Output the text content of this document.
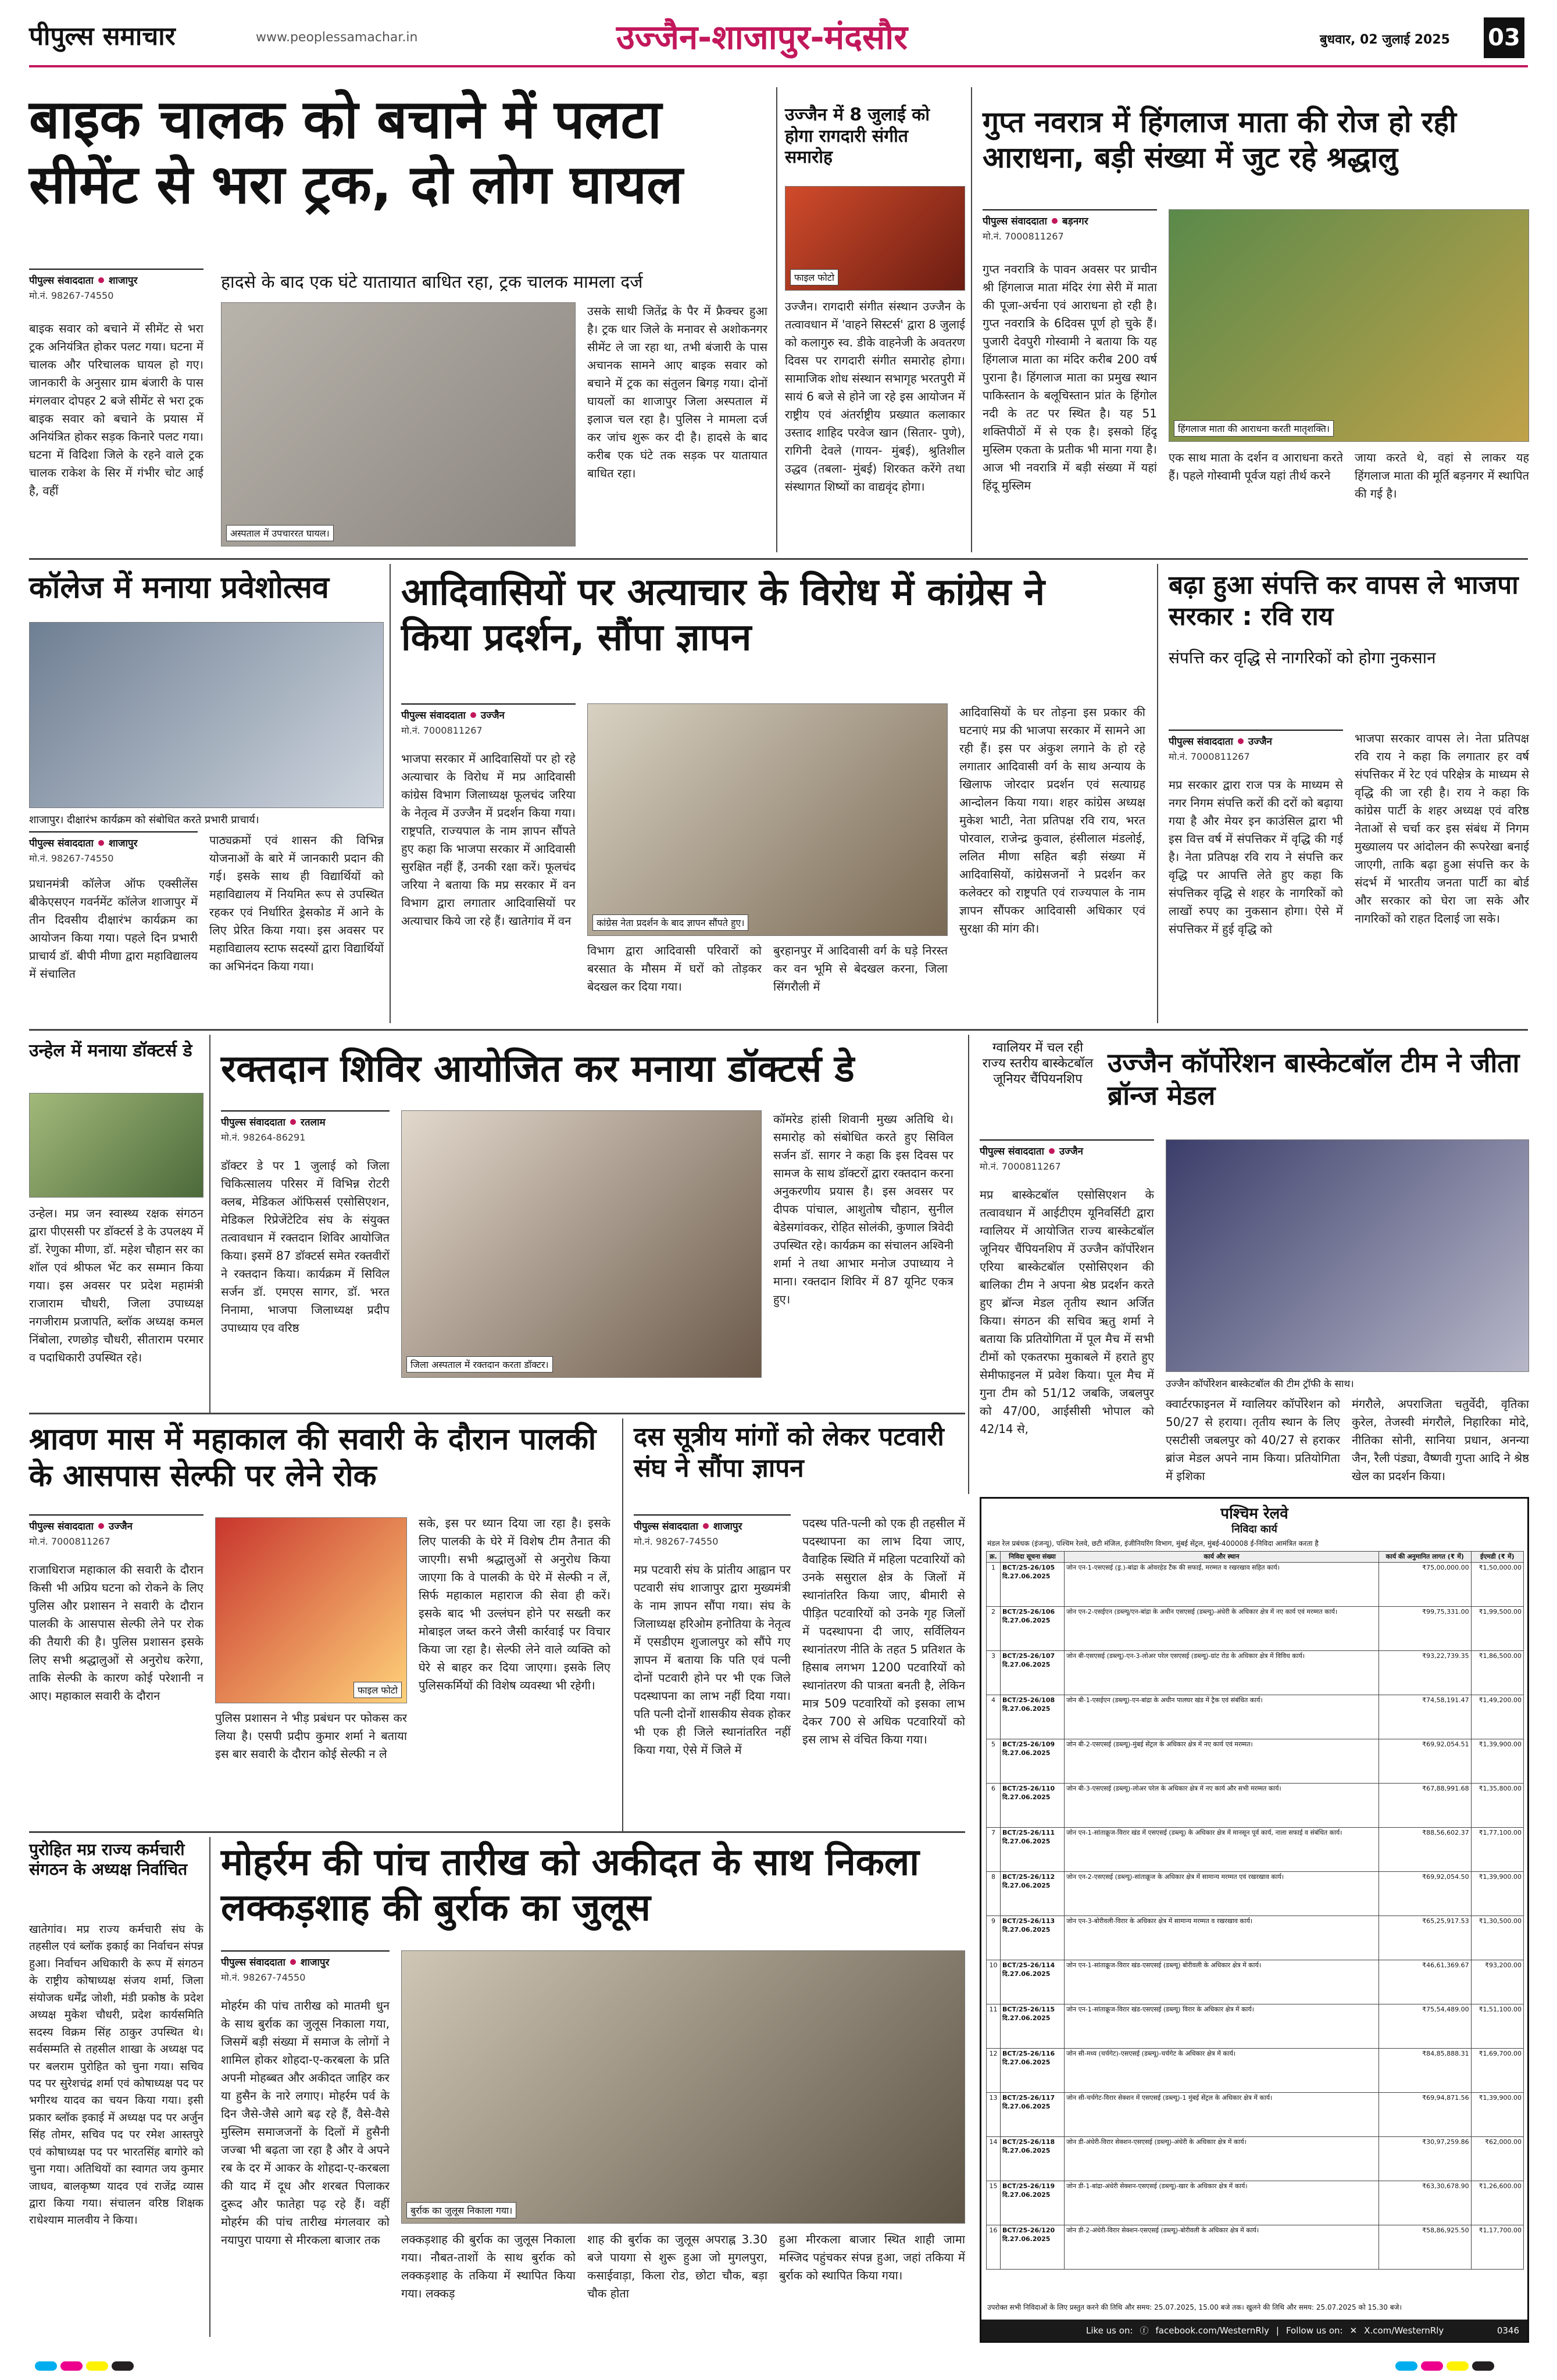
पीपुल्स समाचार	www.peoplessamachar.in	उज्जैन-शाजापुर-मंदसौर	बुधवार, 02 जुलाई 2025 03
बाइक चालक को बचाने में पलटा सीमेंट से भरा ट्रक, दो लोग घायल
पीपुल्स संवाददाता शाजापुर
मो.नं. 98267-74550
हादसे के बाद एक घंटे यातायात बाधित रहा, ट्रक चालक मामला दर्ज
बाइक सवार को बचाने में सीमेंट से भरा ट्रक अनियंत्रित होकर पलट गया। घटना में चालक और परिचालक घायल हो गए। जानकारी के अनुसार ग्राम बंजारी के पास मंगलवार दोपहर 2 बजे सीमेंट से भरा ट्रक बाइक सवार को बचाने के प्रयास में अनियंत्रित होकर सड़क किनारे पलट गया। घटना में विदिशा जिले के रहने वाले ट्रक चालक राकेश के सिर में गंभीर चोट आई है, वहीं
अस्पताल में उपचाररत घायल।
उसके साथी जितेंद्र के पैर में फ्रैक्चर हुआ है। ट्रक धार जिले के मनावर से अशोकनगर सीमेंट ले जा रहा था, तभी बंजारी के पास अचानक सामने आए बाइक सवार को बचाने में ट्रक का संतुलन बिगड़ गया। दोनों घायलों का शाजापुर जिला अस्पताल में इलाज चल रहा है। पुलिस ने मामला दर्ज कर जांच शुरू कर दी है। हादसे के बाद करीब एक घंटे तक सड़क पर यातायात बाधित रहा।
उज्जैन में 8 जुलाई को होगा रागदारी संगीत समारोह
फाइल फोटो
उज्जैन। रागदारी संगीत संस्थान उज्जैन के तत्वावधान में 'वाहने सिस्टर्स' द्वारा 8 जुलाई को कलागुरु स्व. डीके वाहनेजी के अवतरण दिवस पर रागदारी संगीत समारोह होगा। सामाजिक शोध संस्थान सभागृह भरतपुरी में सायं 6 बजे से होने जा रहे इस आयोजन में राष्ट्रीय एवं अंतर्राष्ट्रीय प्रख्यात कलाकार उस्ताद शाहिद परवेज खान (सितार- पुणे), रागिनी देवले (गायन- मुंबई), श्रुतिशील उद्धव (तबला- मुंबई) शिरकत करेंगे तथा संस्थागत शिष्यों का वाद्यवृंद होगा।
गुप्त नवरात्र में हिंगलाज माता की रोज हो रही आराधना, बड़ी संख्या में जुट रहे श्रद्धालु
पीपुल्स संवाददाता बड़नगर
मो.नं. 7000811267
गुप्त नवरात्रि के पावन अवसर पर प्राचीन श्री हिंगलाज माता मंदिर रंगा सेरी में माता की पूजा-अर्चना एवं आराधना हो रही है। गुप्त नवरात्रि के 6दिवस पूर्ण हो चुके हैं। पुजारी देवपुरी गोस्वामी ने बताया कि यह हिंगलाज माता का मंदिर करीब 200 वर्ष पुराना है। हिंगलाज माता का प्रमुख स्थान पाकिस्तान के बलूचिस्तान प्रांत के हिंगोल नदी के तट पर स्थित है। यह 51 शक्तिपीठों में से एक है। इसको हिंदू मुस्लिम एकता के प्रतीक भी माना गया है। आज भी नवरात्रि में बड़ी संख्या में यहां हिंदू मुस्लिम
हिंगलाज माता की आराधना करती मातृशक्ति।
एक साथ माता के दर्शन व आराधना करते हैं। पहले गोस्वामी पूर्वज यहां तीर्थ करने
जाया करते थे, वहां से लाकर यह हिंगलाज माता की मूर्ति बड़नगर में स्थापित की गई है।
कॉलेज में मनाया प्रवेशोत्सव
शाजापुर। दीक्षारंभ कार्यक्रम को संबोधित करते प्रभारी प्राचार्य।
पीपुल्स संवाददाता शाजापुर
मो.नं. 98267-74550
प्रधानमंत्री कॉलेज ऑफ एक्सीलेंस बीकेएसएन गवर्नमेंट कॉलेज शाजापुर में तीन दिवसीय दीक्षारंभ कार्यक्रम का आयोजन किया गया। पहले दिन प्रभारी प्राचार्य डॉ. बीपी मीणा द्वारा महाविद्यालय में संचालित
पाठ्यक्रमों एवं शासन की विभिन्न योजनाओं के बारे में जानकारी प्रदान की गई। इसके साथ ही विद्यार्थियों को महाविद्यालय में नियमित रूप से उपस्थित रहकर एवं निर्धारित ड्रेसकोड में आने के लिए प्रेरित किया गया। इस अवसर पर महाविद्यालय स्टाफ सदस्यों द्वारा विद्यार्थियों का अभिनंदन किया गया।
आदिवासियों पर अत्याचार के विरोध में कांग्रेस ने किया प्रदर्शन, सौंपा ज्ञापन
पीपुल्स संवाददाता उज्जैन
मो.नं. 7000811267
भाजपा सरकार में आदिवासियों पर हो रहे अत्याचार के विरोध में मप्र आदिवासी कांग्रेस विभाग जिलाध्यक्ष फूलचंद जरिया के नेतृत्व में उज्जैन में प्रदर्शन किया गया। राष्ट्रपति, राज्यपाल के नाम ज्ञापन सौंपते हुए कहा कि भाजपा सरकार में आदिवासी सुरक्षित नहीं हैं, उनकी रक्षा करें। फूलचंद जरिया ने बताया कि मप्र सरकार में वन विभाग द्वारा लगातार आदिवासियों पर अत्याचार किये जा रहे हैं। खातेगांव में वन	कांग्रेस नेता प्रदर्शन के बाद ज्ञापन सौंपते हुए।
विभाग द्वारा आदिवासी परिवारों को बरसात के मौसम में घरों को तोड़कर बेदखल कर दिया गया।
बुरहानपुर में आदिवासी वर्ग के घड़े निरस्त कर वन भूमि से बेदखल करना, जिला सिंगरौली में
आदिवासियों के घर तोड़ना इस प्रकार की घटनाएं मप्र की भाजपा सरकार में सामने आ रही हैं। इस पर अंकुश लगाने के हो रहे लगातार आदिवासी वर्ग के साथ अन्याय के खिलाफ जोरदार प्रदर्शन एवं सत्याग्रह आन्दोलन किया गया। शहर कांग्रेस अध्यक्ष मुकेश भाटी, नेता प्रतिपक्ष रवि राय, भरत पोरवाल, राजेन्द्र कुवाल, हंसीलाल मंडलोई, ललित मीणा सहित बड़ी संख्या में आदिवासियों, कांग्रेसजनों ने प्रदर्शन कर कलेक्टर को राष्ट्रपति एवं राज्यपाल के नाम ज्ञापन सौंपकर आदिवासी अधिकार एवं सुरक्षा की मांग की।
बढ़ा हुआ संपत्ति कर वापस ले भाजपा सरकार : रवि राय
संपत्ति कर वृद्धि से नागरिकों को होगा नुकसान
पीपुल्स संवाददाता उज्जैन
मो.नं. 7000811267
मप्र सरकार द्वारा राज पत्र के माध्यम से नगर निगम संपत्ति करों की दरों को बढ़ाया गया है और मेयर इन काउंसिल द्वारा भी इस वित्त वर्ष में संपत्तिकर में वृद्धि की गई है। नेता प्रतिपक्ष रवि राय ने संपत्ति कर वृद्धि पर आपत्ति लेते हुए कहा कि संपत्तिकर वृद्धि से शहर के नागरिकों को लाखों रुपए का नुकसान होगा। ऐसे में संपत्तिकर में हुई वृद्धि को
भाजपा सरकार वापस ले। नेता प्रतिपक्ष रवि राय ने कहा कि लगातार हर वर्ष संपत्तिकर में रेट एवं परिक्षेत्र के माध्यम से वृद्धि की जा रही है। राय ने कहा कि कांग्रेस पार्टी के शहर अध्यक्ष एवं वरिष्ठ नेताओं से चर्चा कर इस संबंध में निगम मुख्यालय पर आंदोलन की रूपरेखा बनाई जाएगी, ताकि बढ़ा हुआ संपत्ति कर के संदर्भ में भारतीय जनता पार्टी का बोर्ड और सरकार को घेरा जा सके और नागरिकों को राहत दिलाई जा सके।
उन्हेल में मनाया डॉक्टर्स डे
उन्हेल। मप्र जन स्वास्थ्य रक्षक संगठन द्वारा पीएससी पर डॉक्टर्स डे के उपलक्ष्य में डॉ. रेणुका मीणा, डॉ. महेश चौहान सर का शॉल एवं श्रीफल भेंट कर सम्मान किया गया। इस अवसर पर प्रदेश महामंत्री राजाराम चौधरी, जिला उपाध्यक्ष नगजीराम प्रजापति, ब्लॉक अध्यक्ष कमल निंबोला, रणछोड़ चौधरी, सीताराम परमार व पदाधिकारी उपस्थित रहे।
रक्तदान शिविर आयोजित कर मनाया डॉक्टर्स डे
पीपुल्स संवाददाता रतलाम
मो.नं. 98264-86291
डॉक्टर डे पर 1 जुलाई को जिला चिकित्सालय परिसर में विभिन्न रोटरी क्लब, मेडिकल ऑफिसर्स एसोसिएशन, मेडिकल रिप्रेजेंटेटिव संघ के संयुक्त तत्वावधान में रक्तदान शिविर आयोजित किया। इसमें 87 डॉक्टर्स समेत रक्तवीरों ने रक्तदान किया। कार्यक्रम में सिविल सर्जन डॉ. एमएस सागर, डॉ. भरत निनामा, भाजपा जिलाध्यक्ष प्रदीप उपाध्याय एव वरिष्ठ
जिला अस्पताल में रक्तदान करता डॉक्टर।
कॉमरेड हांसी शिवानी मुख्य अतिथि थे। समारोह को संबोधित करते हुए सिविल सर्जन डॉ. सागर ने कहा कि इस दिवस पर सामज के साथ डॉक्टरों द्वारा रक्तदान करना अनुकरणीय प्रयास है। इस अवसर पर दीपक पांचाल, आशुतोष चौहान, सुनील बेडेसगांवकर, रोहित सोलंकी, कुणाल त्रिवेदी उपस्थित रहे। कार्यक्रम का संचालन अश्विनी शर्मा ने तथा आभार मनोज उपाध्याय ने माना। रक्तदान शिविर में 87 यूनिट एकत्र हुए।
ग्वालियर में चल रही राज्य स्तरीय बास्केटबॉल जूनियर चैंपियनशिप
उज्जैन कॉर्पोरेशन बास्केटबॉल टीम ने जीता ब्रॉन्ज मेडल
पीपुल्स संवाददाता उज्जैन
मो.नं. 7000811267
मप्र बास्केटबॉल एसोसिएशन के तत्वावधान में आईटीएम यूनिवर्सिटी द्वारा ग्वालियर में आयोजित राज्य बास्केटबॉल जूनियर चैंपियनशिप में उज्जैन कॉर्पोरेशन एरिया बास्केटबॉल एसोसिएशन की बालिका टीम ने अपना श्रेष्ठ प्रदर्शन करते हुए ब्रॉन्ज मेडल तृतीय स्थान अर्जित किया। संगठन की सचिव ऋतु शर्मा ने बताया कि प्रतियोगिता में पूल मैच में सभी टीमों को एकतरफा मुकाबले में हराते हुए सेमीफाइनल में प्रवेश किया। पूल मैच में गुना टीम को 51/12 जबकि, जबलपुर को 47/00, आईसीसी भोपाल को 42/14 से,
उज्जैन कॉर्पोरेशन बास्केटबॉल की टीम ट्रॉफी के साथ।
क्वार्टरफाइनल में ग्वालियर कॉर्पोरेशन को 50/27 से हराया। तृतीय स्थान के लिए एसटीसी जबलपुर को 40/27 से हराकर ब्रांज मेडल अपने नाम किया। प्रतियोगिता में इशिका
मंगरौले, अपराजिता चतुर्वेदी, वृतिका कुरेल, तेजस्वी मंगरौले, निहारिका मोदे, नीतिका सोनी, सानिया प्रधान, अनन्या जैन, रैली पंड्या, वैष्णवी गुप्ता आदि ने श्रेष्ठ खेल का प्रदर्शन किया।
श्रावण मास में महाकाल की सवारी के दौरान पालकी के आसपास सेल्फी पर लेने रोक
पीपुल्स संवाददाता उज्जैन
मो.नं. 7000811267
राजाधिराज महाकाल की सवारी के दौरान किसी भी अप्रिय घटना को रोकने के लिए पुलिस और प्रशासन ने सवारी के दौरान पालकी के आसपास सेल्फी लेने पर रोक की तैयारी की है। पुलिस प्रशासन इसके लिए सभी श्रद्धालुओं से अनुरोध करेगा, ताकि सेल्फी के कारण कोई परेशानी न आए। महाकाल सवारी के दौरान	फाइल फोटो
पुलिस प्रशासन ने भीड़ प्रबंधन पर फोकस कर लिया है। एसपी प्रदीप कुमार शर्मा ने बताया इस बार सवारी के दौरान कोई सेल्फी न ले
सके, इस पर ध्यान दिया जा रहा है। इसके लिए पालकी के घेरे में विशेष टीम तैनात की जाएगी। सभी श्रद्धालुओं से अनुरोध किया जाएगा कि वे पालकी के घेरे में सेल्फी न लें, सिर्फ महाकाल महाराज की सेवा ही करें। इसके बाद भी उल्लंघन होने पर सख्ती कर मोबाइल जब्त करने जैसी कार्रवाई पर विचार किया जा रहा है। सेल्फी लेने वाले व्यक्ति को घेरे से बाहर कर दिया जाएगा। इसके लिए पुलिसकर्मियों की विशेष व्यवस्था भी रहेगी।
दस सूत्रीय मांगों को लेकर पटवारी संघ ने सौंपा ज्ञापन
पीपुल्स संवाददाता शाजापुर
मो.नं. 98267-74550
मप्र पटवारी संघ के प्रांतीय आह्वान पर पटवारी संघ शाजापुर द्वारा मुख्यमंत्री के नाम ज्ञापन सौंपा गया। संघ के जिलाध्यक्ष हरिओम हनोतिया के नेतृत्व में एसडीएम शुजालपुर को सौंपे गए ज्ञापन में बताया कि पति एवं पत्नी दोनों पटवारी होने पर भी एक जिले पदस्थापना का लाभ नहीं दिया गया। पति पत्नी दोनों शासकीय सेवक होकर भी एक ही जिले स्थानांतरित नहीं किया गया, ऐसे में जिले में
पदस्थ पति-पत्नी को एक ही तहसील में पदस्थापना का लाभ दिया जाए, वैवाहिक स्थिति में महिला पटवारियों को उनके ससुराल क्षेत्र के जिलों में स्थानांतरित किया जाए, बीमारी से पीड़ित पटवारियों को उनके गृह जिलों में पदस्थापना दी जाए, सर्विलियन स्थानांतरण नीति के तहत 5 प्रतिशत के हिसाब लगभग 1200 पटवारियों को स्थानांतरण की पात्रता बनती है, लेकिन मात्र 509 पटवारियों को इसका लाभ देकर 700 से अधिक पटवारियों को इस लाभ से वंचित किया गया।
पुरोहित मप्र राज्य कर्मचारी संगठन के अध्यक्ष निर्वाचित
खातेगांव। मप्र राज्य कर्मचारी संघ के तहसील एवं ब्लॉक इकाई का निर्वाचन संपन्न हुआ। निर्वाचन अधिकारी के रूप में संगठन के राष्ट्रीय कोषाध्यक्ष संजय शर्मा, जिला संयोजक धर्मेंद्र जोशी, मंडी प्रकोष्ठ के प्रदेश अध्यक्ष मुकेश चौधरी, प्रदेश कार्यसमिति सदस्य विक्रम सिंह ठाकुर उपस्थित थे। सर्वसम्मति से तहसील शाखा के अध्यक्ष पद पर बलराम पुरोहित को चुना गया। सचिव पद पर सुरेशचंद्र शर्मा एवं कोषाध्यक्ष पद पर भगीरथ यादव का चयन किया गया। इसी प्रकार ब्लॉक इकाई में अध्यक्ष पद पर अर्जुन सिंह तोमर, सचिव पद पर रमेश आस्तपुरे एवं कोषाध्यक्ष पद पर भारतसिंह बागोरे को चुना गया। अतिथियों का स्वागत जय कुमार जाधव, बालकृष्ण यादव एवं राजेंद्र व्यास द्वारा किया गया। संचालन वरिष्ठ शिक्षक राधेश्याम मालवीय ने किया।
मोहर्रम की पांच तारीख को अकीदत के साथ निकला लक्कड़शाह की बुर्राक का जुलूस
पीपुल्स संवाददाता शाजापुर
मो.नं. 98267-74550
मोहर्रम की पांच तारीख को मातमी धुन के साथ बुर्राक का जुलूस निकाला गया, जिसमें बड़ी संख्या में समाज के लोगों ने शामिल होकर शोहदा-ए-करबला के प्रति अपनी मोहब्बत और अकीदत जाहिर कर या हुसैन के नारे लगाए। मोहर्रम पर्व के दिन जैसे-जैसे आगे बढ़ रहे हैं, वैसे-वैसे मुस्लिम समाजजनों के दिलों में हुसैनी जज्बा भी बढ़ता जा रहा है और वे अपने रब के दर में आकर के शोहदा-ए-करबला की याद में दूध और शरबत पिलाकर दुरूद और फातेहा पढ़ रहे हैं। वहीं मोहर्रम की पांच तारीख मंगलवार को नयापुरा पायगा से मीरकला बाजार तक
बुर्राक का जुलूस निकाला गया।
लक्कड़शाह की बुर्राक का जुलूस निकाला गया। नौबत-ताशों के साथ बुर्राक को लक्कड़शाह के तकिया में स्थापित किया गया। लक्कड़
शाह की बुर्राक का जुलूस अपराह्न 3.30 बजे पायगा से शुरू हुआ जो मुगलपुरा, कसाईवाड़ा, किला रोड, छोटा चौक, बड़ा चौक होता
हुआ मीरकला बाजार स्थित शाही जामा मस्जिद पहुंचकर संपन्न हुआ, जहां तकिया में बुर्राक को स्थापित किया गया।
पश्चिम रेलवे
निविदा कार्य
मंडल रेल प्रबंधक (इंजन्यू), पश्चिम रेलवे, छटी मंजिल, इंजीनियरिंग विभाग, मुंबई सेंट्रल, मुंबई-400008 ई-निविदा आमंत्रित करता है
क्र.	निविदा सूचना संख्या	कार्य और स्थान	कार्य की अनुमानित लागत (₹ में)	ईएमडी (₹ में)
1	BCT/25-26/105 दि.27.06.2025	जोन एन-1-एसएसई (ड्र.)-बांद्रा के ओवरहेड टैंक की सफाई, मरम्मत व रखरखाव सहित कार्य।	₹75,00,000.00	₹1,50,000.00
2	BCT/25-26/106 दि.27.06.2025	जोन एन-2-एसईएन (डब्ल्यू/एन-बांद्रा के अधीन एसएसई (डब्ल्यू)-अंधेरी के अधिकार क्षेत्र में नए कार्य एवं मरम्मत कार्य।	₹99,75,331.00	₹1,99,500.00
3	BCT/25-26/107 दि.27.06.2025	जोन बी-एसएसई (डब्ल्यू)-एन-3-लोअर परेल एसएसई (डब्ल्यू)-ग्रांट रोड के अधिकार क्षेत्र में विविध कार्य।	₹93,22,739.35	₹1,86,500.00
4	BCT/25-26/108 दि.27.06.2025	जोन बी-1-एसईएन (डब्ल्यू)-एन-बांद्रा के अधीन पालघर खंड में ट्रैक एवं संबंधित कार्य।	₹74,58,191.47	₹1,49,200.00
5	BCT/25-26/109 दि.27.06.2025	जोन बी-2-एसएसई (डब्ल्यू)-मुंबई सेंट्रल के अधिकार क्षेत्र में नए कार्य एवं मरम्मत।	₹69,92,054.51	₹1,39,900.00
6	BCT/25-26/110 दि.27.06.2025	जोन बी-3-एसएसई (डब्ल्यू)-लोअर परेल के अधिकार क्षेत्र में नए कार्य और सभी मरम्मत कार्य।	₹67,88,991.68	₹1,35,800.00
7	BCT/25-26/111 दि.27.06.2025	जोन एन-1-सांताक्रूज-विरार खंड में एसएसई (डब्ल्यू) के अधिकार क्षेत्र में मानसून पूर्व कार्य, नाला सफाई व संबंधित कार्य।	₹88,56,602.37	₹1,77,100.00
8	BCT/25-26/112 दि.27.06.2025	जोन एन-2-एसएसई (डब्ल्यू)-सांताक्रूज के अधिकार क्षेत्र में सामान्य मरम्मत एवं रखरखाव कार्य।	₹69,92,054.50	₹1,39,900.00
9	BCT/25-26/113 दि.27.06.2025	जोन एन-3-बोरीवली-विरार के अधिकार क्षेत्र में सामान्य मरम्मत व रखरखाव कार्य।	₹65,25,917.53	₹1,30,500.00
10	BCT/25-26/114 दि.27.06.2025	जोन एन-1-सांताक्रूज-विरार खंड-एसएसई (डब्ल्यू) बोरीवली के अधिकार क्षेत्र में कार्य।	₹46,61,369.67	₹93,200.00
11	BCT/25-26/115 दि.27.06.2025	जोन एन-1-सांताक्रूज-विरार खंड-एसएसई (डब्ल्यू) विरार के अधिकार क्षेत्र में कार्य।	₹75,54,489.00	₹1,51,100.00
12	BCT/25-26/116 दि.27.06.2025	जोन सी-मध्य (चर्चगेट)-एसएसई (डब्ल्यू)-चर्चगेट के अधिकार क्षेत्र में कार्य।	₹84,85,888.31	₹1,69,700.00
13	BCT/25-26/117 दि.27.06.2025	जोन सी-चर्चगेट-विरार सेक्शन में एसएसई (डब्ल्यू)-1 मुंबई सेंट्रल के अधिकार क्षेत्र में कार्य।	₹69,94,871.56	₹1,39,900.00
14	BCT/25-26/118 दि.27.06.2025	जोन डी-अंधेरी-विरार सेक्शन-एसएसई (डब्ल्यू)-अंधेरी के अधिकार क्षेत्र में कार्य।	₹30,97,259.86	₹62,000.00
15	BCT/25-26/119 दि.27.06.2025	जोन डी-1-बांद्रा-अंधेरी सेक्शन-एसएसई (डब्ल्यू)-खार के अधिकार क्षेत्र में कार्य।	₹63,30,678.90	₹1,26,600.00
16	BCT/25-26/120 दि.27.06.2025	जोन डी-2-अंधेरी-विरार सेक्शन-एसएसई (डब्ल्यू)-बोरीवली के अधिकार क्षेत्र में कार्य।	₹58,86,925.50	₹1,17,700.00
उपरोक्त सभी निविदाओं के लिए प्रस्तुत करने की तिथि और समय: 25.07.2025, 15.00 बजे तक। खुलने की तिथि और समय: 25.07.2025 को 15.30 बजे।
Like us on: ⓕ facebook.com/WesternRly | Follow us on: ✕ X.com/WesternRly	0346
